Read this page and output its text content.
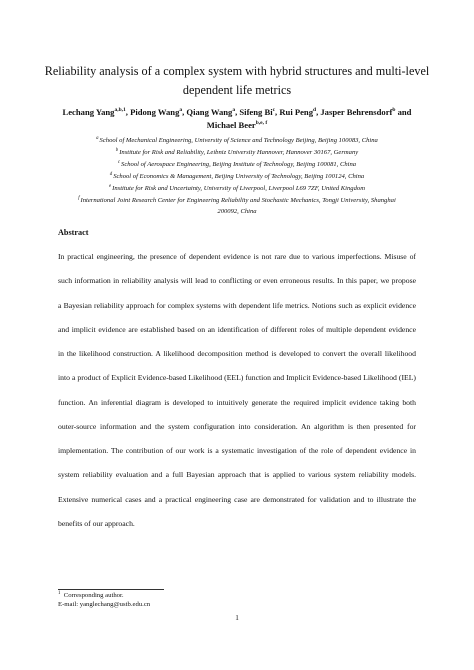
Reliability analysis of a complex system with hybrid structures and multi-level
dependent life metrics
Lechang Yang$^{a,b,1}$, Pidong Wang$^a$, Qiang Wang$^a$, Sifeng Bi$^c$, Rui Peng$^d$, Jasper Behrensdorf$^b$ and
Michael Beer$^{b,e, f}$
$^a$School of Mechanical Engineering, University of Science and Technology Beijing, Beijing 100083, China
$^b$Institute for Risk and Reliability, Leibniz University Hannover, Hannover 30167, Germany
$^c$School of Aerospace Engineering, Beijing Institute of Technology, Beijing 100081, China
$^d$School of Economics & Management, Beijing University of Technology, Beijing 100124, China
$^e$Institute for Risk and Uncertainty, University of Liverpool, Liverpool L69 7ZF, United Kingdom
$^f$International Joint Research Center for Engineering Reliability and Stochastic Mechanics, Tongji University, Shanghai
200092, China
Abstract
In practical engineering, the presence of dependent evidence is not rare due to various imperfections. Misuse of
such information in reliability analysis will lead to conflicting or even erroneous results. In this paper, we propose
a Bayesian reliability approach for complex systems with dependent life metrics. Notions such as explicit evidence
and implicit evidence are established based on an identification of different roles of multiple dependent evidence
in the likelihood construction. A likelihood decomposition method is developed to convert the overall likelihood
into a product of Explicit Evidence-based Likelihood (EEL) function and Implicit Evidence-based Likelihood (IEL)
function. An inferential diagram is developed to intuitively generate the required implicit evidence taking both
outer-source information and the system configuration into consideration. An algorithm is then presented for
implementation. The contribution of our work is a systematic investigation of the role of dependent evidence in
system reliability evaluation and a full Bayesian approach that is applied to various system reliability models.
Extensive numerical cases and a practical engineering case are demonstrated for validation and to illustrate the
benefits of our approach.
$^1$ Corresponding author.
E-mail: yanglechang@ustb.edu.cn
1
